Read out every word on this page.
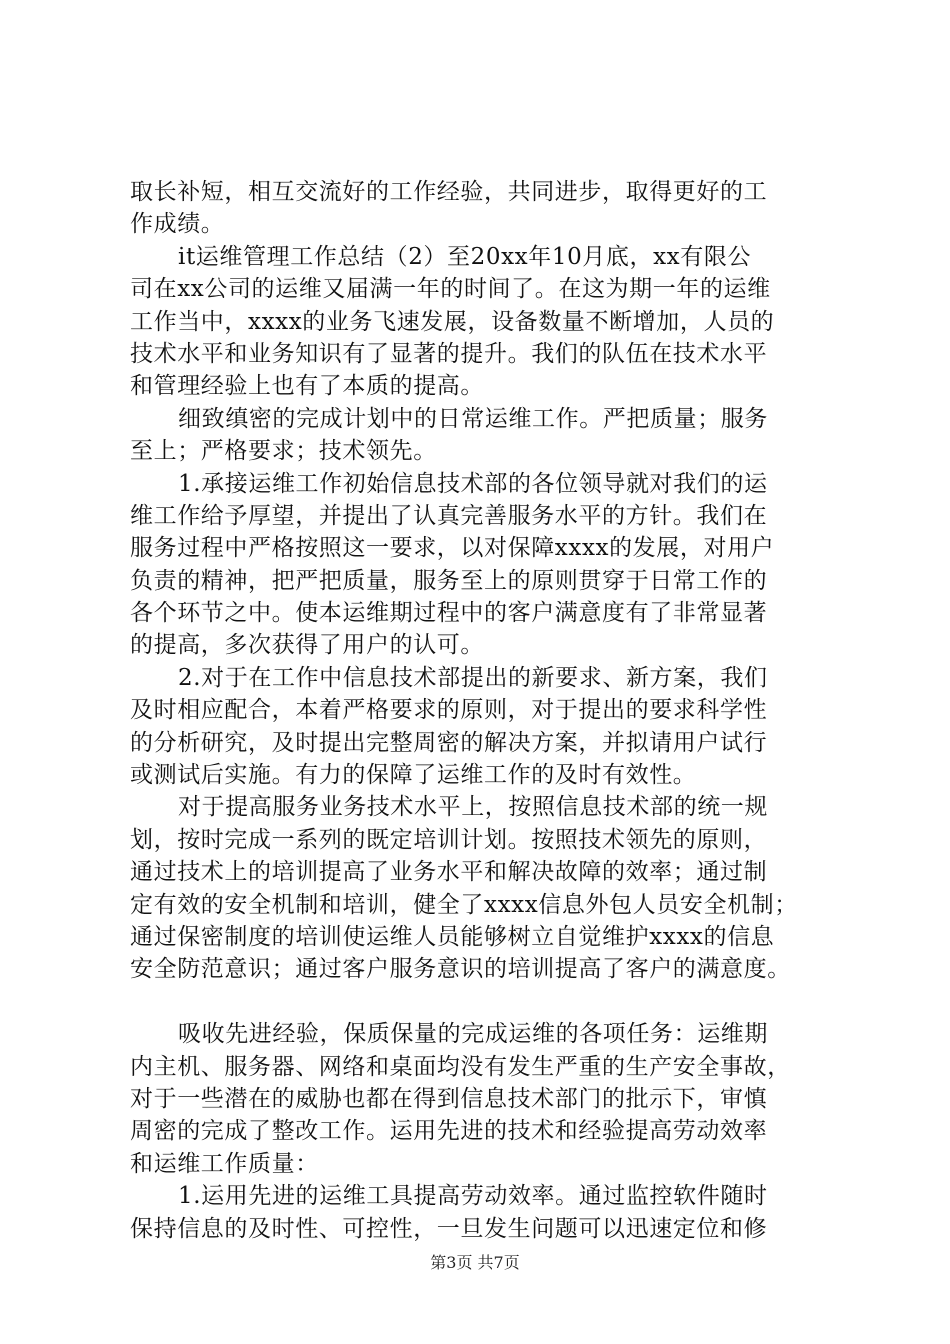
取长补短，相互交流好的工作经验，共同进步，取得更好的工
作成绩。
it运维管理工作总结（2）至20xx年10月底，xx有限公
司在xx公司的运维又届满一年的时间了。在这为期一年的运维
工作当中，xxxx的业务飞速发展，设备数量不断增加，人员的
技术水平和业务知识有了显著的提升。我们的队伍在技术水平
和管理经验上也有了本质的提高。
细致缜密的完成计划中的日常运维工作。严把质量；服务
至上；严格要求；技术领先。
1.承接运维工作初始信息技术部的各位领导就对我们的运
维工作给予厚望，并提出了认真完善服务水平的方针。我们在
服务过程中严格按照这一要求，以对保障xxxx的发展，对用户
负责的精神，把严把质量，服务至上的原则贯穿于日常工作的
各个环节之中。使本运维期过程中的客户满意度有了非常显著
的提高，多次获得了用户的认可。
2.对于在工作中信息技术部提出的新要求、新方案，我们
及时相应配合，本着严格要求的原则，对于提出的要求科学性
的分析研究，及时提出完整周密的解决方案，并拟请用户试行
或测试后实施。有力的保障了运维工作的及时有效性。
对于提高服务业务技术水平上，按照信息技术部的统一规
划，按时完成一系列的既定培训计划。按照技术领先的原则，
通过技术上的培训提高了业务水平和解决故障的效率；通过制
定有效的安全机制和培训，健全了xxxx信息外包人员安全机制；
通过保密制度的培训使运维人员能够树立自觉维护xxxx的信息
安全防范意识；通过客户服务意识的培训提高了客户的满意度。
吸收先进经验，保质保量的完成运维的各项任务：运维期
内主机、服务器、网络和桌面均没有发生严重的生产安全事故，
对于一些潜在的威胁也都在得到信息技术部门的批示下，审慎
周密的完成了整改工作。运用先进的技术和经验提高劳动效率
和运维工作质量：
1.运用先进的运维工具提高劳动效率。通过监控软件随时
保持信息的及时性、可控性，一旦发生问题可以迅速定位和修
第3页 共7页
